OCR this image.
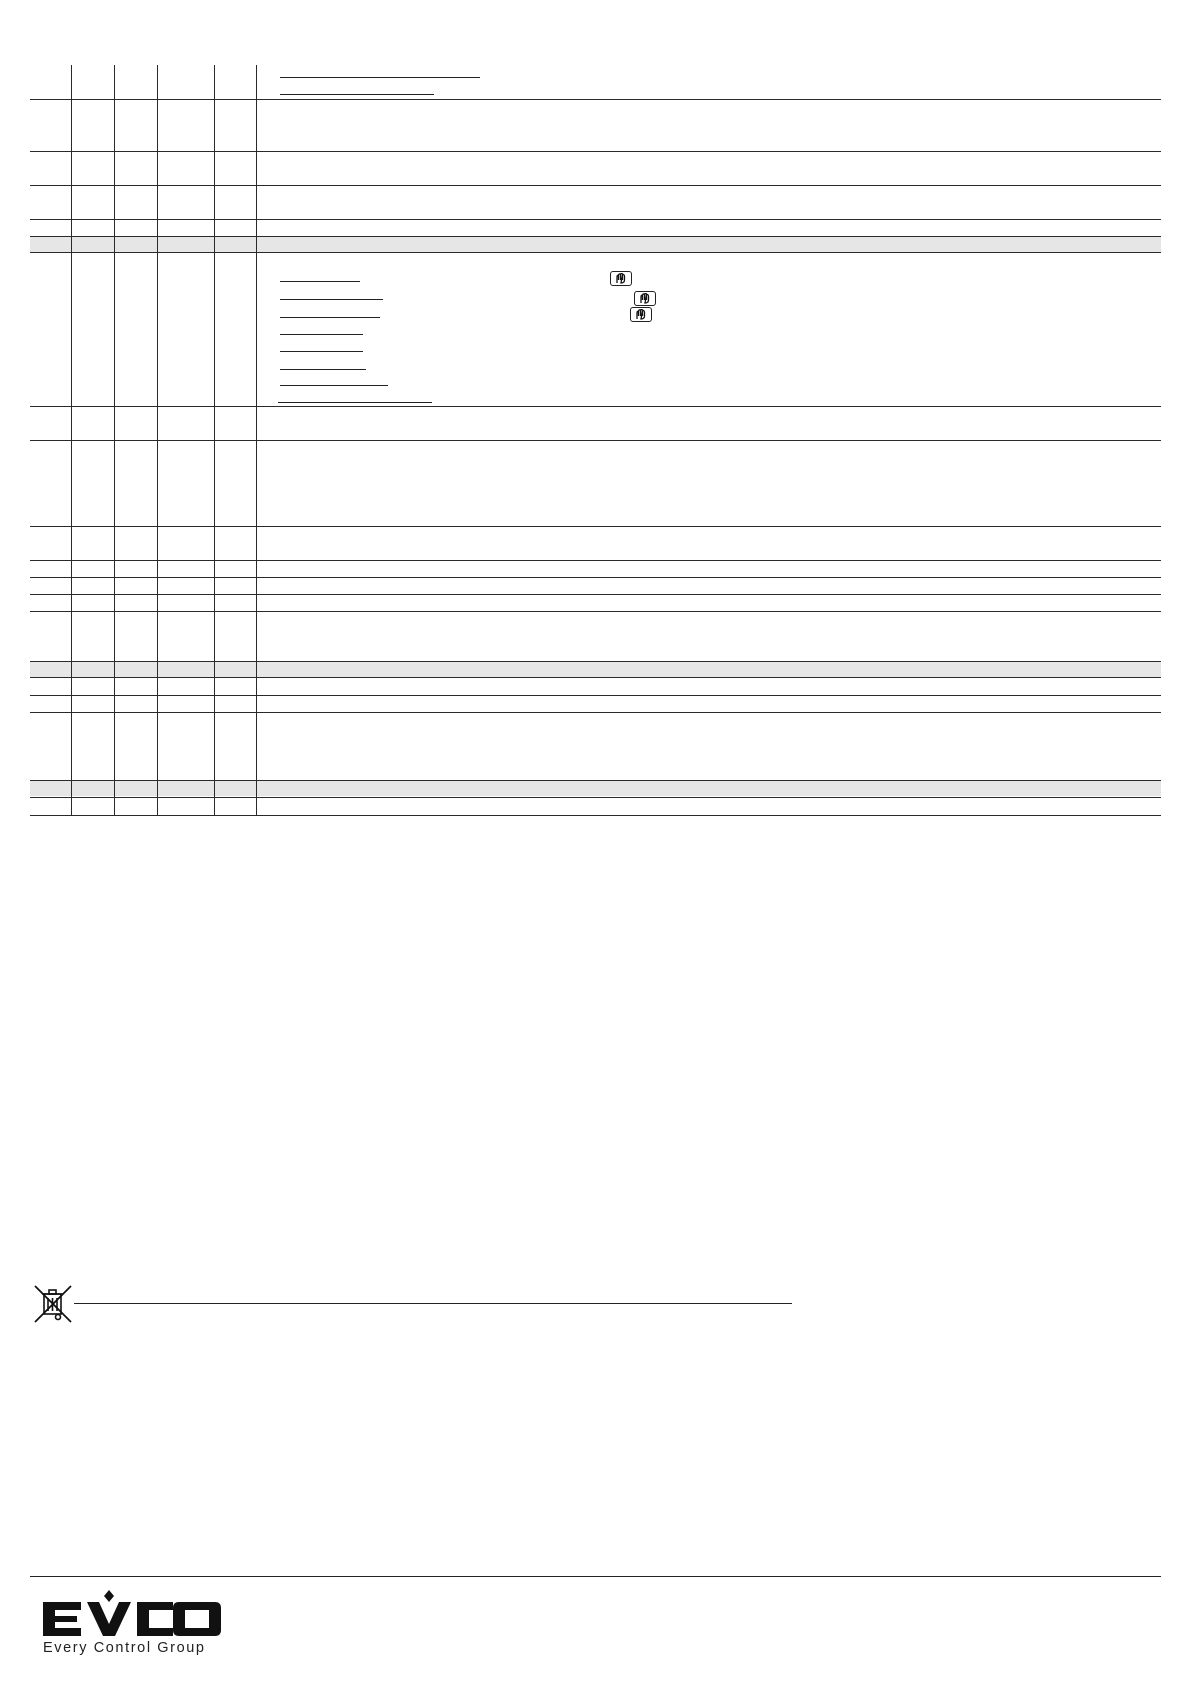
Every Control Group
